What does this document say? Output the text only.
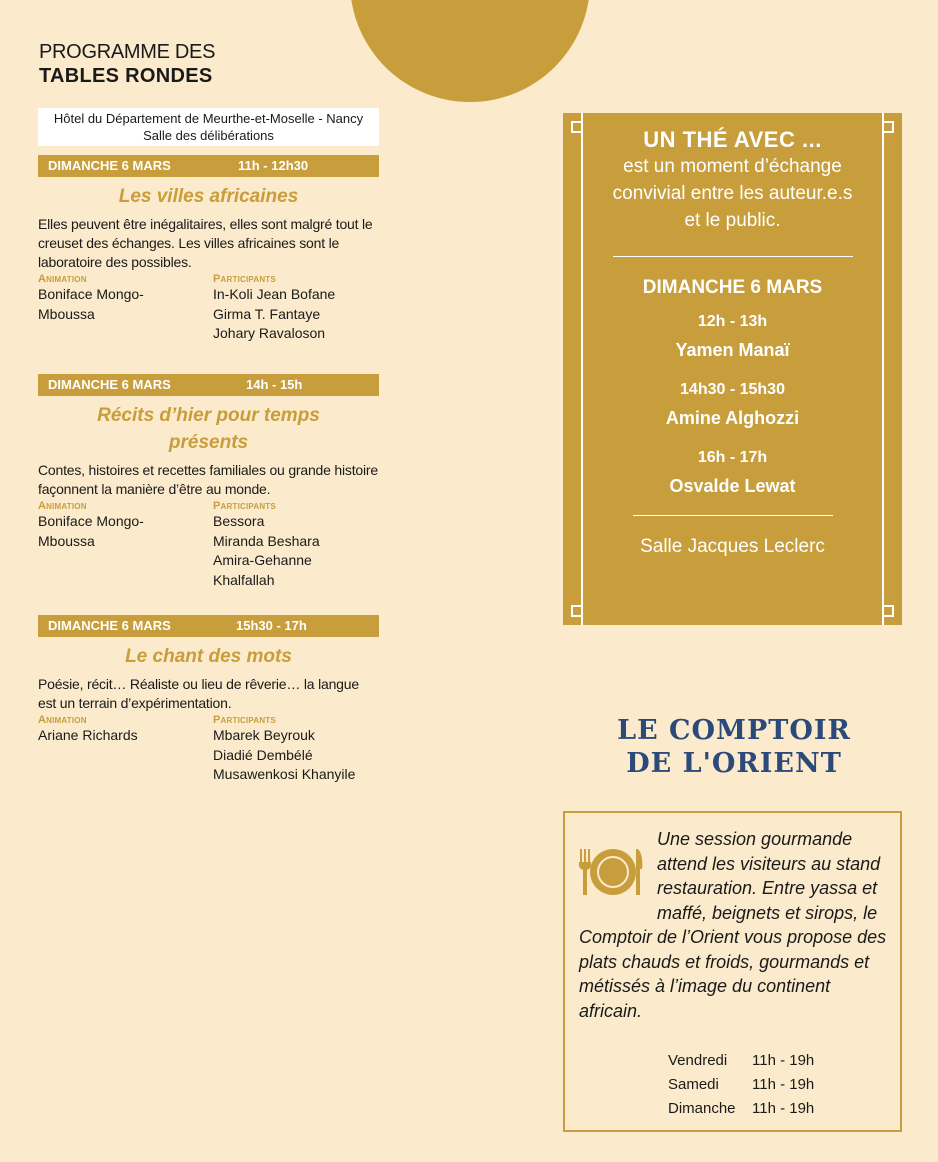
PROGRAMME DES
TABLES RONDES
Hôtel du Département de Meurthe-et-Moselle - Nancy
Salle des délibérations
DIMANCHE 6 MARS	11h - 12h30
Les villes africaines
Elles peuvent être inégalitaires, elles sont malgré tout le creuset des échanges. Les villes africaines sont le laboratoire des possibles.
Animation
Boniface Mongo-
Mboussa
Participants
In-Koli Jean Bofane
Girma T. Fantaye
Johary Ravaloson
DIMANCHE 6 MARS	14h - 15h
Récits d’hier pour temps présents
Contes, histoires et recettes familiales ou grande histoire façonnent la manière d’être au monde.
Animation
Boniface Mongo-
Mboussa
Participants
Bessora
Miranda Beshara
Amira-Gehanne
Khalfallah
DIMANCHE 6 MARS	15h30 - 17h
Le chant des mots
Poésie, récit… Réaliste ou lieu de rêverie… la langue est un terrain d’expérimentation.
Animation
Ariane Richards
Participants
Mbarek Beyrouk
Diadié Dembélé
Musawenkosi Khanyile
UN THÉ AVEC ...
est un moment d’échange convivial entre les auteur.e.s et le public.
DIMANCHE 6 MARS
12h - 13h
Yamen Manaï
14h30 - 15h30
Amine Alghozzi
16h - 17h
Osvalde Lewat
Salle Jacques Leclerc
LE COMPTOIR
DE L'ORIENT
Une session gourmande attend les visiteurs au stand restauration. Entre yassa et maffé, beignets et sirops, le Comptoir de l’Orient vous propose des plats chauds et froids, gourmands et métissés à l’image du continent africain.
Vendredi	11h - 19h
Samedi	11h - 19h
Dimanche	11h - 19h
